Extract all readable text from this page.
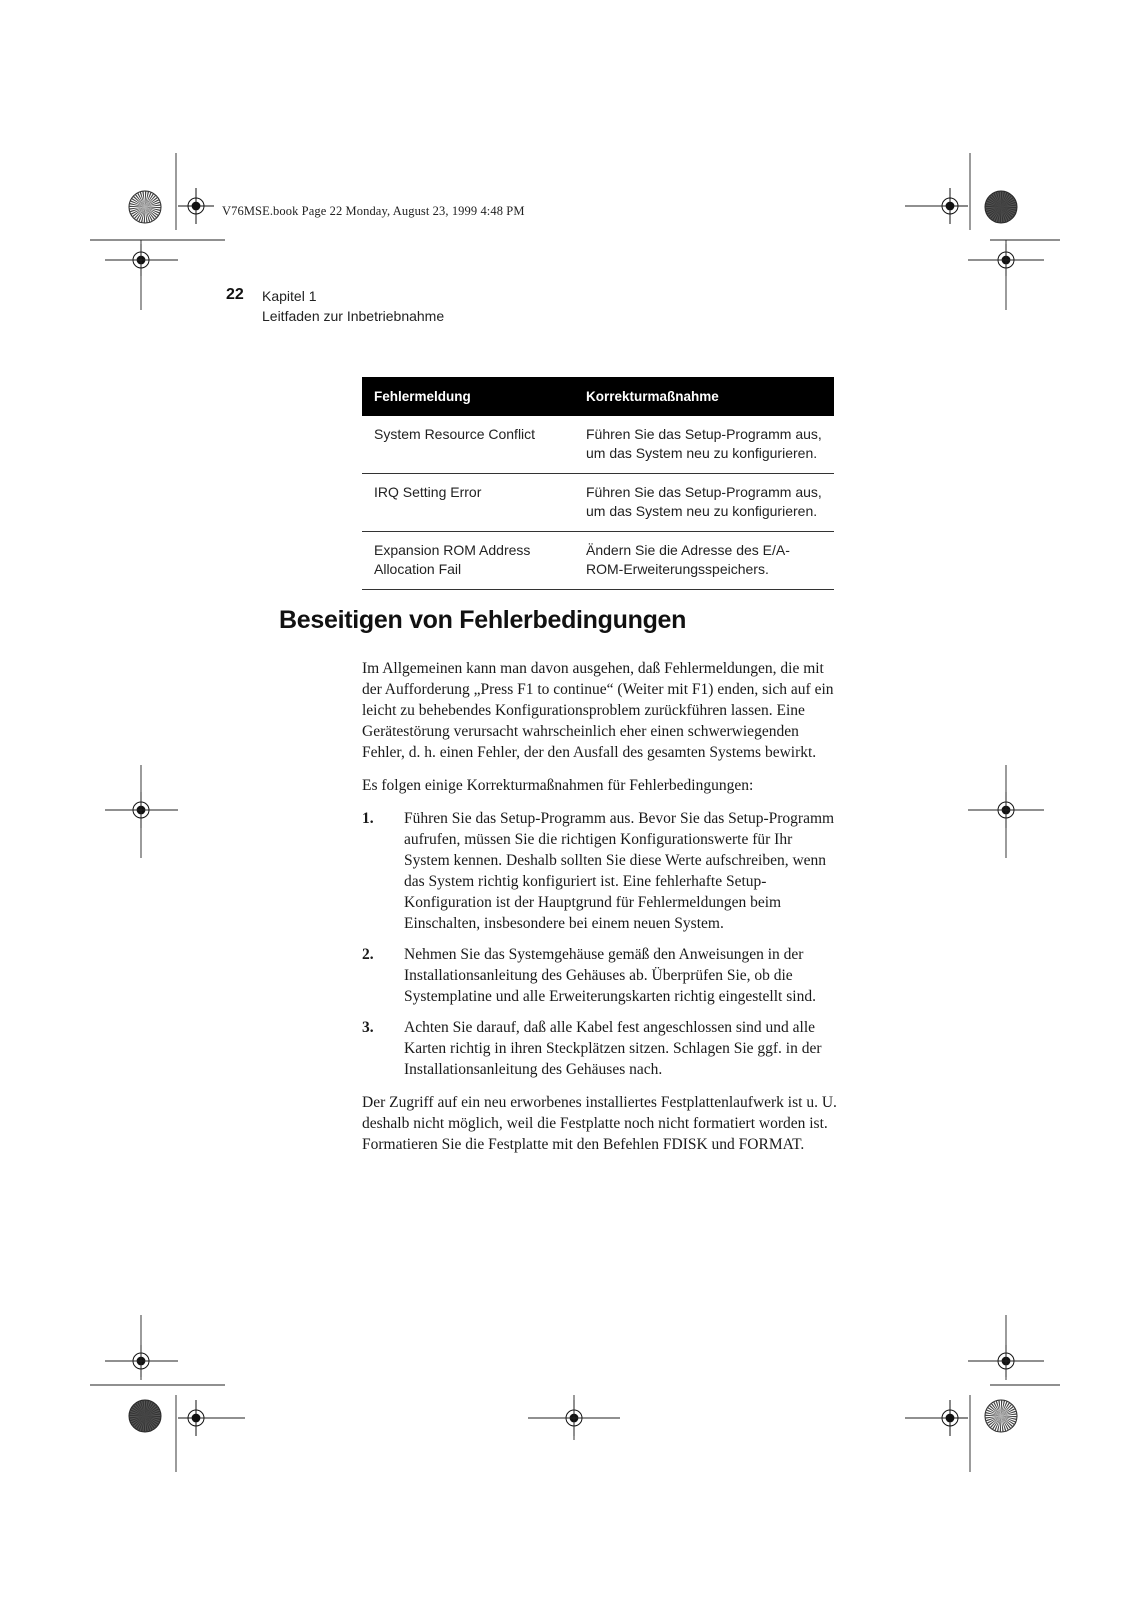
V76MSE.book Page 22 Monday, August 23, 1999 4:48 PM
22 Kapitel 1
Leitfaden zur Inbetriebnahme
Fehlermeldung	Korrekturmaßnahme
System Resource Conflict	Führen Sie das Setup-Programm aus, um das System neu zu konfigurieren.
IRQ Setting Error	Führen Sie das Setup-Programm aus, um das System neu zu konfigurieren.
Expansion ROM Address Allocation Fail	Ändern Sie die Adresse des E/A-ROM-Erweiterungsspeichers.
Beseitigen von Fehlerbedingungen

Im Allgemeinen kann man davon ausgehen, daß Fehlermeldungen, die mit der Aufforderung „Press F1 to continue“ (Weiter mit F1) enden, sich auf ein leicht zu behebendes Konfigurationsproblem zurückführen lassen. Eine Gerätestörung verursacht wahrscheinlich eher einen schwerwiegenden Fehler, d. h. einen Fehler, der den Ausfall des gesamten Systems bewirkt.

Es folgen einige Korrekturmaßnahmen für Fehlerbedingungen:

1. Führen Sie das Setup-Programm aus. Bevor Sie das Setup-Programm aufrufen, müssen Sie die richtigen Konfigurationswerte für Ihr System kennen. Deshalb sollten Sie diese Werte aufschreiben, wenn das System richtig konfiguriert ist. Eine fehlerhafte Setup-Konfiguration ist der Hauptgrund für Fehlermeldungen beim Einschalten, insbesondere bei einem neuen System.
2. Nehmen Sie das Systemgehäuse gemäß den Anweisungen in der Installationsanleitung des Gehäuses ab. Überprüfen Sie, ob die Systemplatine und alle Erweiterungskarten richtig eingestellt sind.
3. Achten Sie darauf, daß alle Kabel fest angeschlossen sind und alle Karten richtig in ihren Steckplätzen sitzen. Schlagen Sie ggf. in der Installationsanleitung des Gehäuses nach.

Der Zugriff auf ein neu erworbenes installiertes Festplattenlaufwerk ist u. U. deshalb nicht möglich, weil die Festplatte noch nicht formatiert worden ist. Formatieren Sie die Festplatte mit den Befehlen FDISK und FORMAT.
